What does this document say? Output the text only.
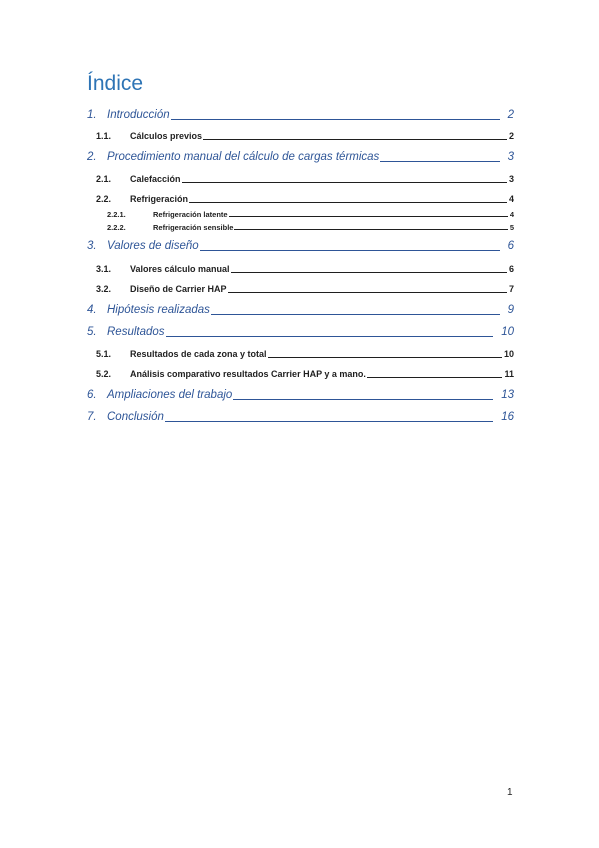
Índice
1. Introducción	2
1.1.	Cálculos previos	2
2. Procedimiento manual del cálculo de cargas térmicas	3
2.1.	Calefacción	3
2.2.	Refrigeración	4
2.2.1.	Refrigeración latente	4
2.2.2.	Refrigeración sensible	5
3. Valores de diseño	6
3.1.	Valores cálculo manual	6
3.2.	Diseño de Carrier HAP	7
4. Hipótesis realizadas	9
5. Resultados	10
5.1.	Resultados de cada zona y total	10
5.2.	Análisis comparativo resultados Carrier HAP y a mano.	11
6. Ampliaciones del trabajo	13
7. Conclusión	16
1
